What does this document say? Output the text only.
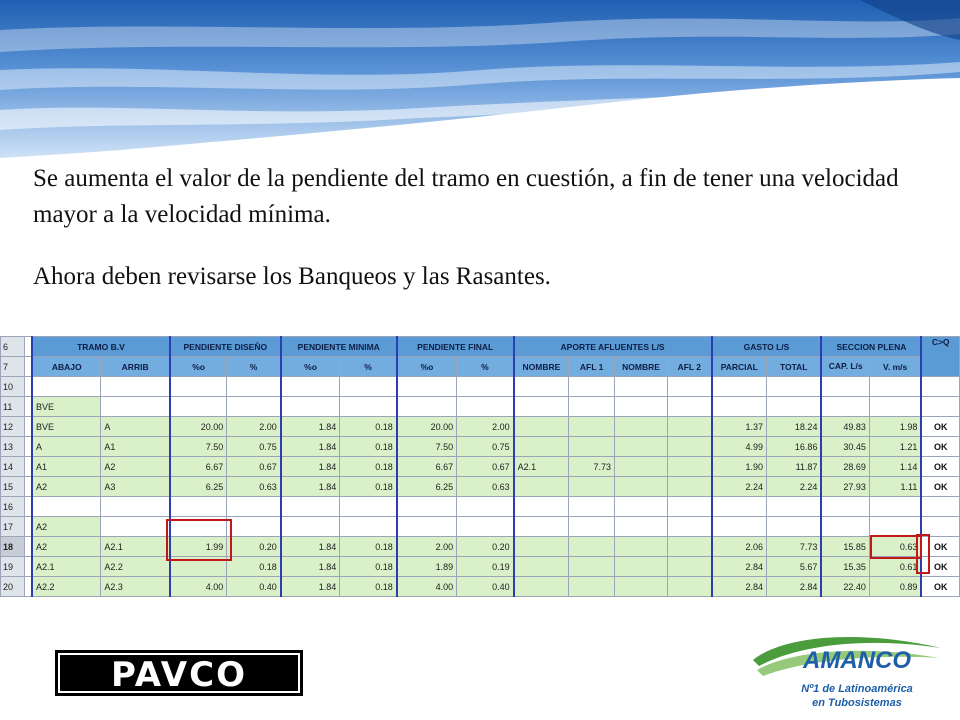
Se aumenta el valor de la pendiente del tramo en cuestión, a fin de tener una velocidad mayor a la velocidad mínima.

Ahora deben revisarse los Banqueos y las Rasantes.

6		TRAMO B.V		PENDIENTE DISEÑO		PENDIENTE MINIMA		PENDIENTE FINAL		APORTE AFLUENTES L/S				GASTO L/S		SECCION PLENA		C>Q
7		ABAJO	ARRIB	%o	%	%o	%	%o	%	NOMBRE	AFL 1	NOMBRE	AFL 2	PARCIAL	TOTAL	CAP. L/s	V. m/s	
10																		
11		BVE																
12		BVE	A	20.00	2.00	1.84	0.18	20.00	2.00					1.37	18.24	49.83	1.98	OK
13		A	A1	7.50	0.75	1.84	0.18	7.50	0.75					4.99	16.86	30.45	1.21	OK
14		A1	A2	6.67	0.67	1.84	0.18	6.67	0.67	A2.1	7.73			1.90	11.87	28.69	1.14	OK
15		A2	A3	6.25	0.63	1.84	0.18	6.25	0.63					2.24	2.24	27.93	1.11	OK
16																		
17		A2																
18		A2	A2.1	1.99	0.20	1.84	0.18	2.00	0.20					2.06	7.73	15.85	0.63	OK
19		A2.1	A2.2		0.18	1.84	0.18	1.89	0.19					2.84	5.67	15.35	0.61	OK
20		A2.2	A2.3	4.00	0.40	1.84	0.18	4.00	0.40					2.84	2.84	22.40	0.89	OK
PAVCO	AMANCO
Nº1 de Latinoamérica
en Tubosistemas
